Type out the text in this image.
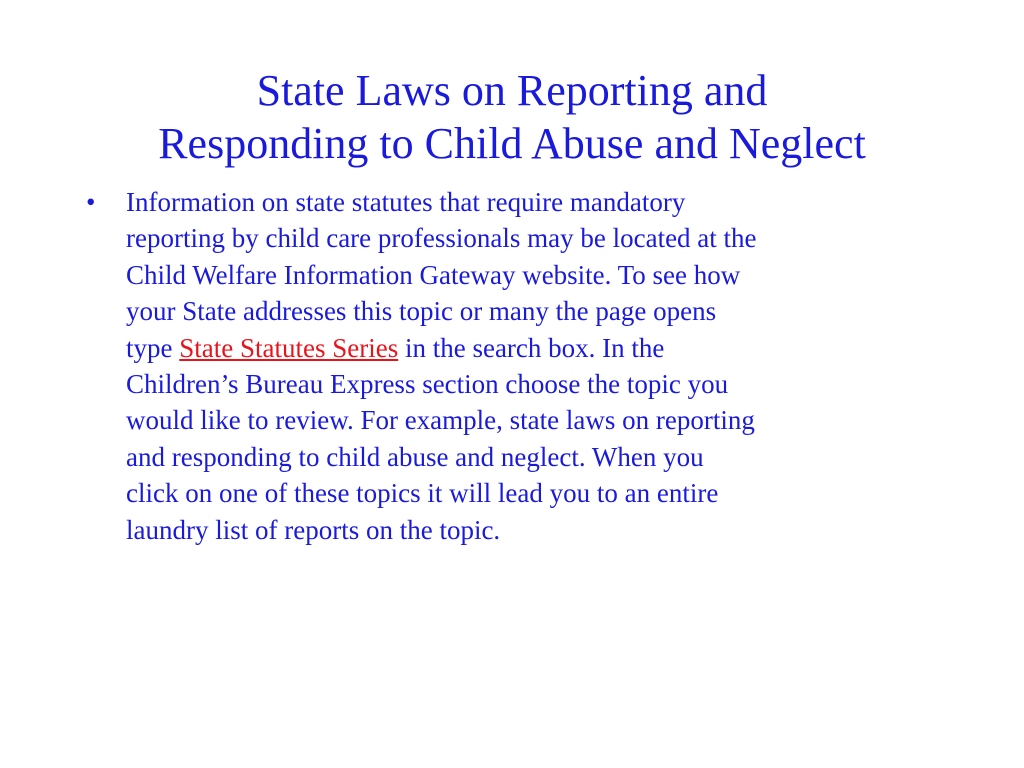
State Laws on Reporting and
Responding to Child Abuse and Neglect
• Information on state statutes that require mandatory
reporting by child care professionals may be located at the
Child Welfare Information Gateway website. To see how
your State addresses this topic or many the page opens
type State Statutes Series in the search box. In the
Children’s Bureau Express section choose the topic you
would like to review. For example, state laws on reporting
and responding to child abuse and neglect. When you
click on one of these topics it will lead you to an entire
laundry list of reports on the topic.
